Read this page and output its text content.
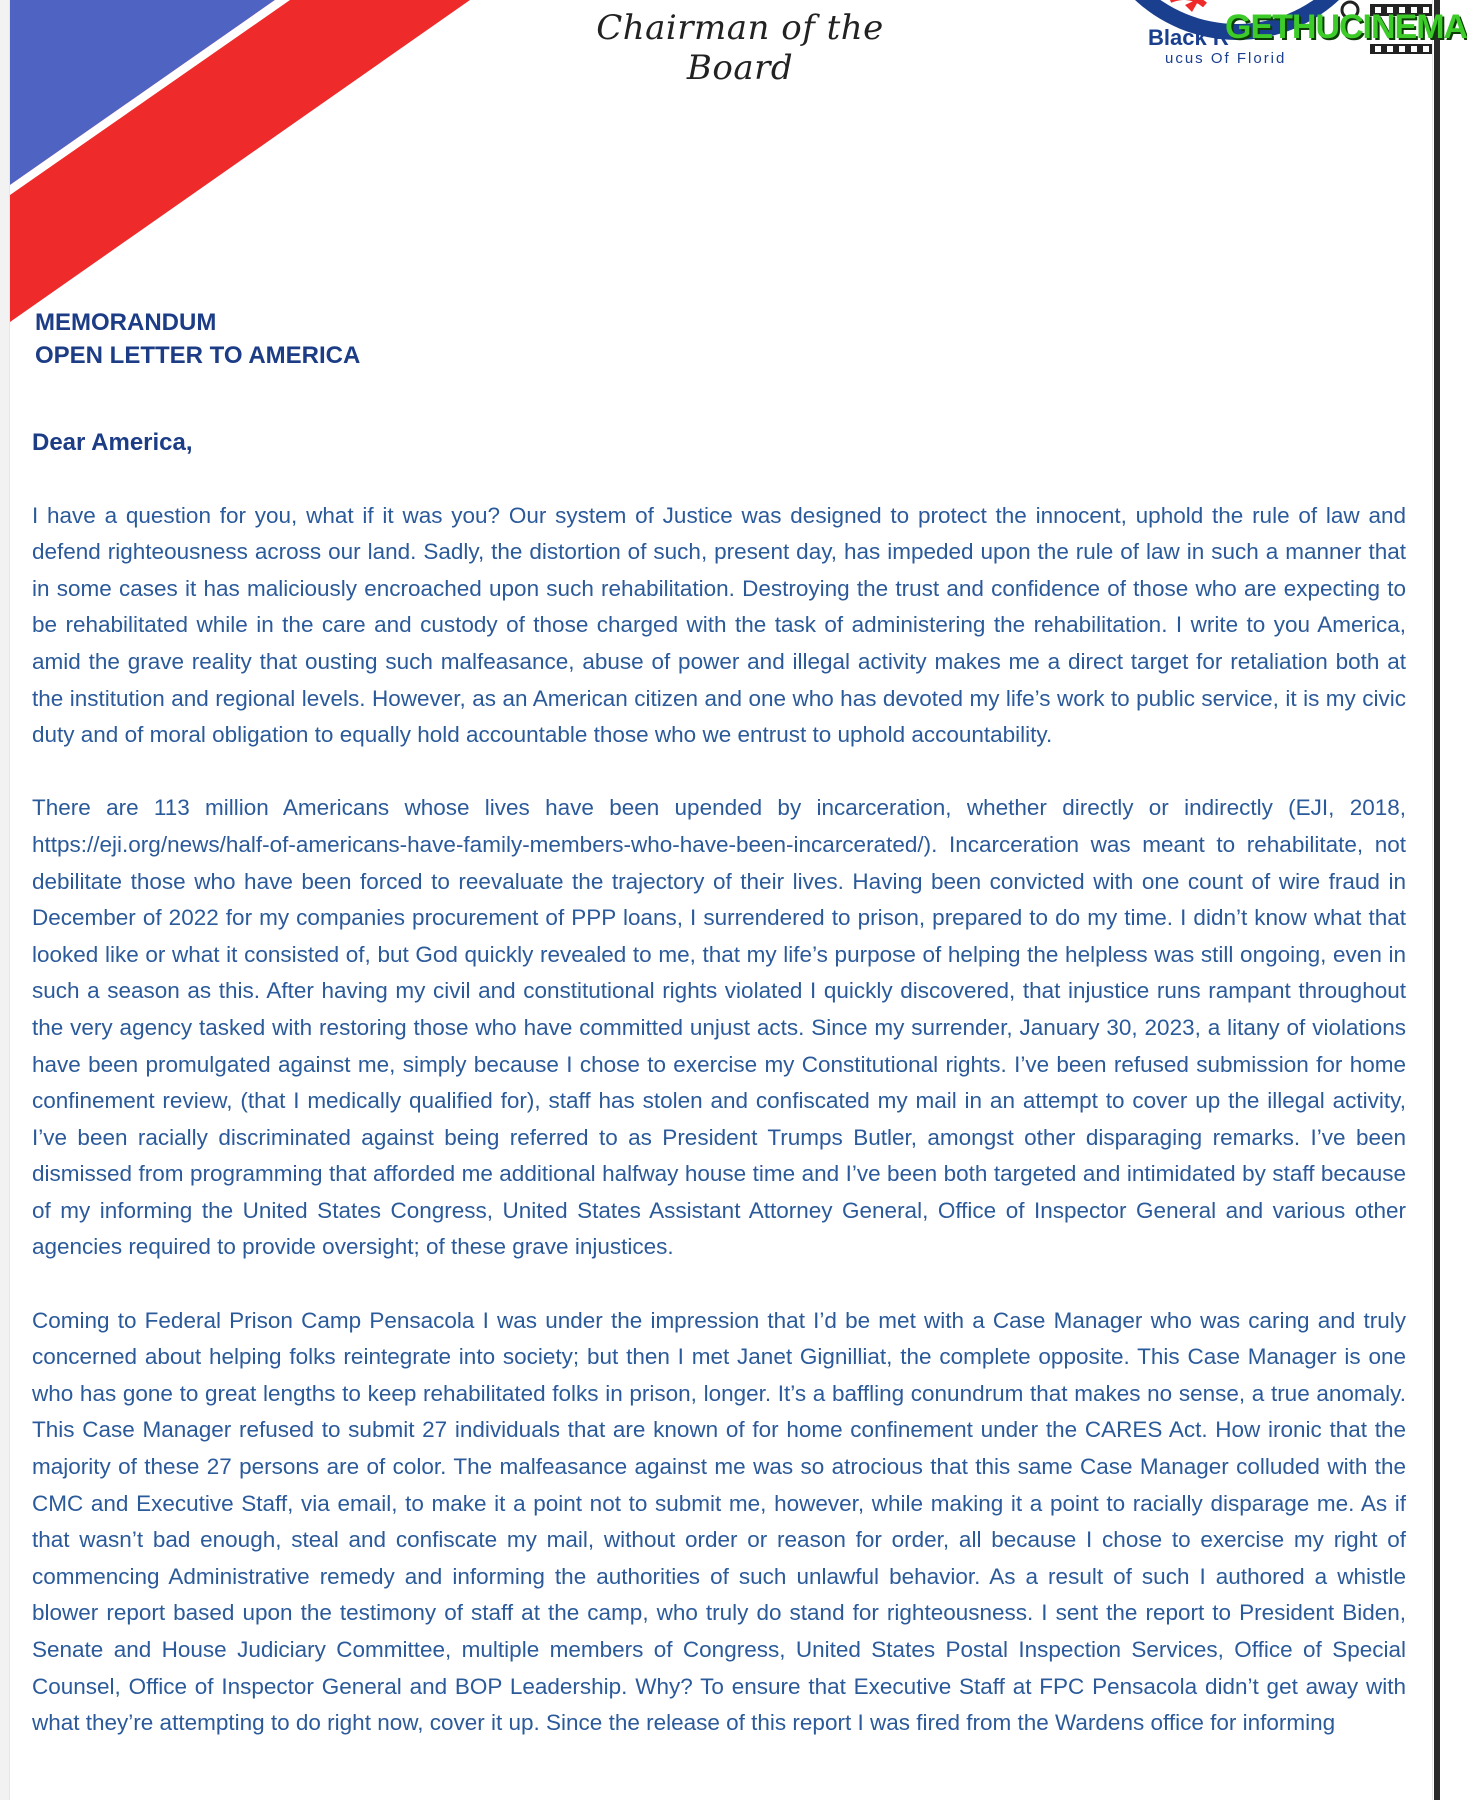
Chairman of the Board
Black R
ucus Of Florid
GETHUCINEMA
MEMORANDUM
OPEN LETTER TO AMERICA

Dear America,

I have a question for you, what if it was you? Our system of Justice was designed to protect the innocent, uphold the rule of law and defend righteousness across our land. Sadly, the distortion of such, present day, has impeded upon the rule of law in such a manner that in some cases it has maliciously encroached upon such rehabilitation. Destroying the trust and confidence of those who are expecting to be rehabilitated while in the care and custody of those charged with the task of administering the rehabilitation. I write to you America, amid the grave reality that ousting such malfeasance, abuse of power and illegal activity makes me a direct target for retaliation both at the institution and regional levels. However, as an American citizen and one who has devoted my life’s work to public service, it is my civic duty and of moral obligation to equally hold accountable those who we entrust to uphold accountability.

There are 113 million Americans whose lives have been upended by incarceration, whether directly or indirectly (EJI, 2018, https://eji.org/news/half-of-americans-have-family-members-who-have-been-incarcerated/). Incarceration was meant to rehabilitate, not debilitate those who have been forced to reevaluate the trajectory of their lives. Having been convicted with one count of wire fraud in December of 2022 for my companies procurement of PPP loans, I surrendered to prison, prepared to do my time. I didn’t know what that looked like or what it consisted of, but God quickly revealed to me, that my life’s purpose of helping the helpless was still ongoing, even in such a season as this. After having my civil and constitutional rights violated I quickly discovered, that injustice runs rampant throughout the very agency tasked with restoring those who have committed unjust acts. Since my surrender, January 30, 2023, a litany of violations have been promulgated against me, simply because I chose to exercise my Constitutional rights. I’ve been refused submission for home confinement review, (that I medically qualified for), staff has stolen and confiscated my mail in an attempt to cover up the illegal activity, I’ve been racially discriminated against being referred to as President Trumps Butler, amongst other disparaging remarks. I’ve been dismissed from programming that afforded me additional halfway house time and I’ve been both targeted and intimidated by staff because of my informing the United States Congress, United States Assistant Attorney General, Office of Inspector General and various other agencies required to provide oversight; of these grave injustices.

Coming to Federal Prison Camp Pensacola I was under the impression that I’d be met with a Case Manager who was caring and truly concerned about helping folks reintegrate into society; but then I met Janet Gignilliat, the complete opposite. This Case Manager is one who has gone to great lengths to keep rehabilitated folks in prison, longer. It’s a baffling conundrum that makes no sense, a true anomaly. This Case Manager refused to submit 27 individuals that are known of for home confinement under the CARES Act. How ironic that the majority of these 27 persons are of color. The malfeasance against me was so atrocious that this same Case Manager colluded with the CMC and Executive Staff, via email, to make it a point not to submit me, however, while making it a point to racially disparage me. As if that wasn’t bad enough, steal and confiscate my mail, without order or reason for order, all because I chose to exercise my right of commencing Administrative remedy and informing the authorities of such unlawful behavior. As a result of such I authored a whistle blower report based upon the testimony of staff at the camp, who truly do stand for righteousness. I sent the report to President Biden, Senate and House Judiciary Committee, multiple members of Congress, United States Postal Inspection Services, Office of Special Counsel, Office of Inspector General and BOP Leadership. Why? To ensure that Executive Staff at FPC Pensacola didn’t get away with what they’re attempting to do right now, cover it up. Since the release of this report I was fired from the Wardens office for informing
